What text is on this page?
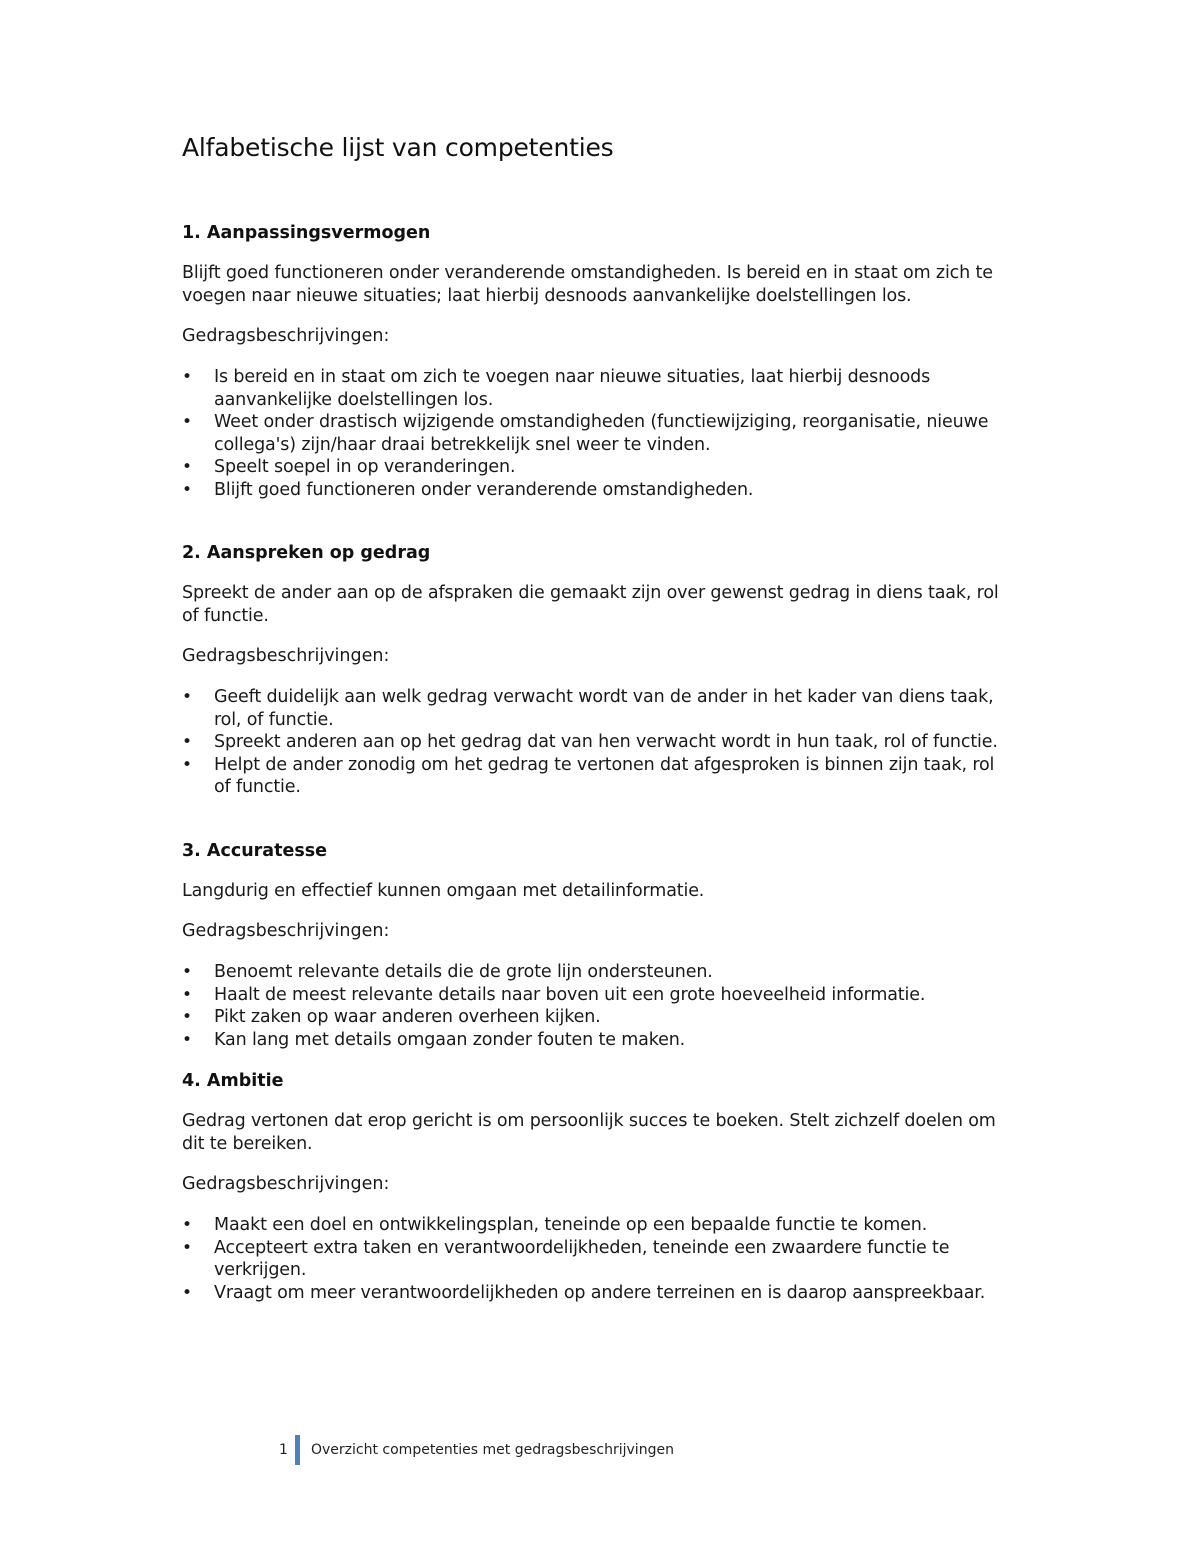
Alfabetische lijst van competenties
1. Aanpassingsvermogen

Blijft goed functioneren onder veranderende omstandigheden. Is bereid en in staat om zich te voegen naar nieuwe situaties; laat hierbij desnoods aanvankelijke doelstellingen los.

Gedragsbeschrijvingen:

• Is bereid en in staat om zich te voegen naar nieuwe situaties, laat hierbij desnoods aanvankelijke doelstellingen los.
• Weet onder drastisch wijzigende omstandigheden (functiewijziging, reorganisatie, nieuwe collega's) zijn/haar draai betrekkelijk snel weer te vinden.
• Speelt soepel in op veranderingen.
• Blijft goed functioneren onder veranderende omstandigheden.
2. Aanspreken op gedrag

Spreekt de ander aan op de afspraken die gemaakt zijn over gewenst gedrag in diens taak, rol of functie.

Gedragsbeschrijvingen:

• Geeft duidelijk aan welk gedrag verwacht wordt van de ander in het kader van diens taak, rol, of functie.
• Spreekt anderen aan op het gedrag dat van hen verwacht wordt in hun taak, rol of functie.
• Helpt de ander zonodig om het gedrag te vertonen dat afgesproken is binnen zijn taak, rol of functie.
3. Accuratesse

Langdurig en effectief kunnen omgaan met detailinformatie.

Gedragsbeschrijvingen:

• Benoemt relevante details die de grote lijn ondersteunen.
• Haalt de meest relevante details naar boven uit een grote hoeveelheid informatie.
• Pikt zaken op waar anderen overheen kijken.
• Kan lang met details omgaan zonder fouten te maken.
4. Ambitie

Gedrag vertonen dat erop gericht is om persoonlijk succes te boeken. Stelt zichzelf doelen om dit te bereiken.

Gedragsbeschrijvingen:

• Maakt een doel en ontwikkelingsplan, teneinde op een bepaalde functie te komen.
• Accepteert extra taken en verantwoordelijkheden, teneinde een zwaardere functie te verkrijgen.
• Vraagt om meer verantwoordelijkheden op andere terreinen en is daarop aanspreekbaar.
1	Overzicht competenties met gedragsbeschrijvingen
